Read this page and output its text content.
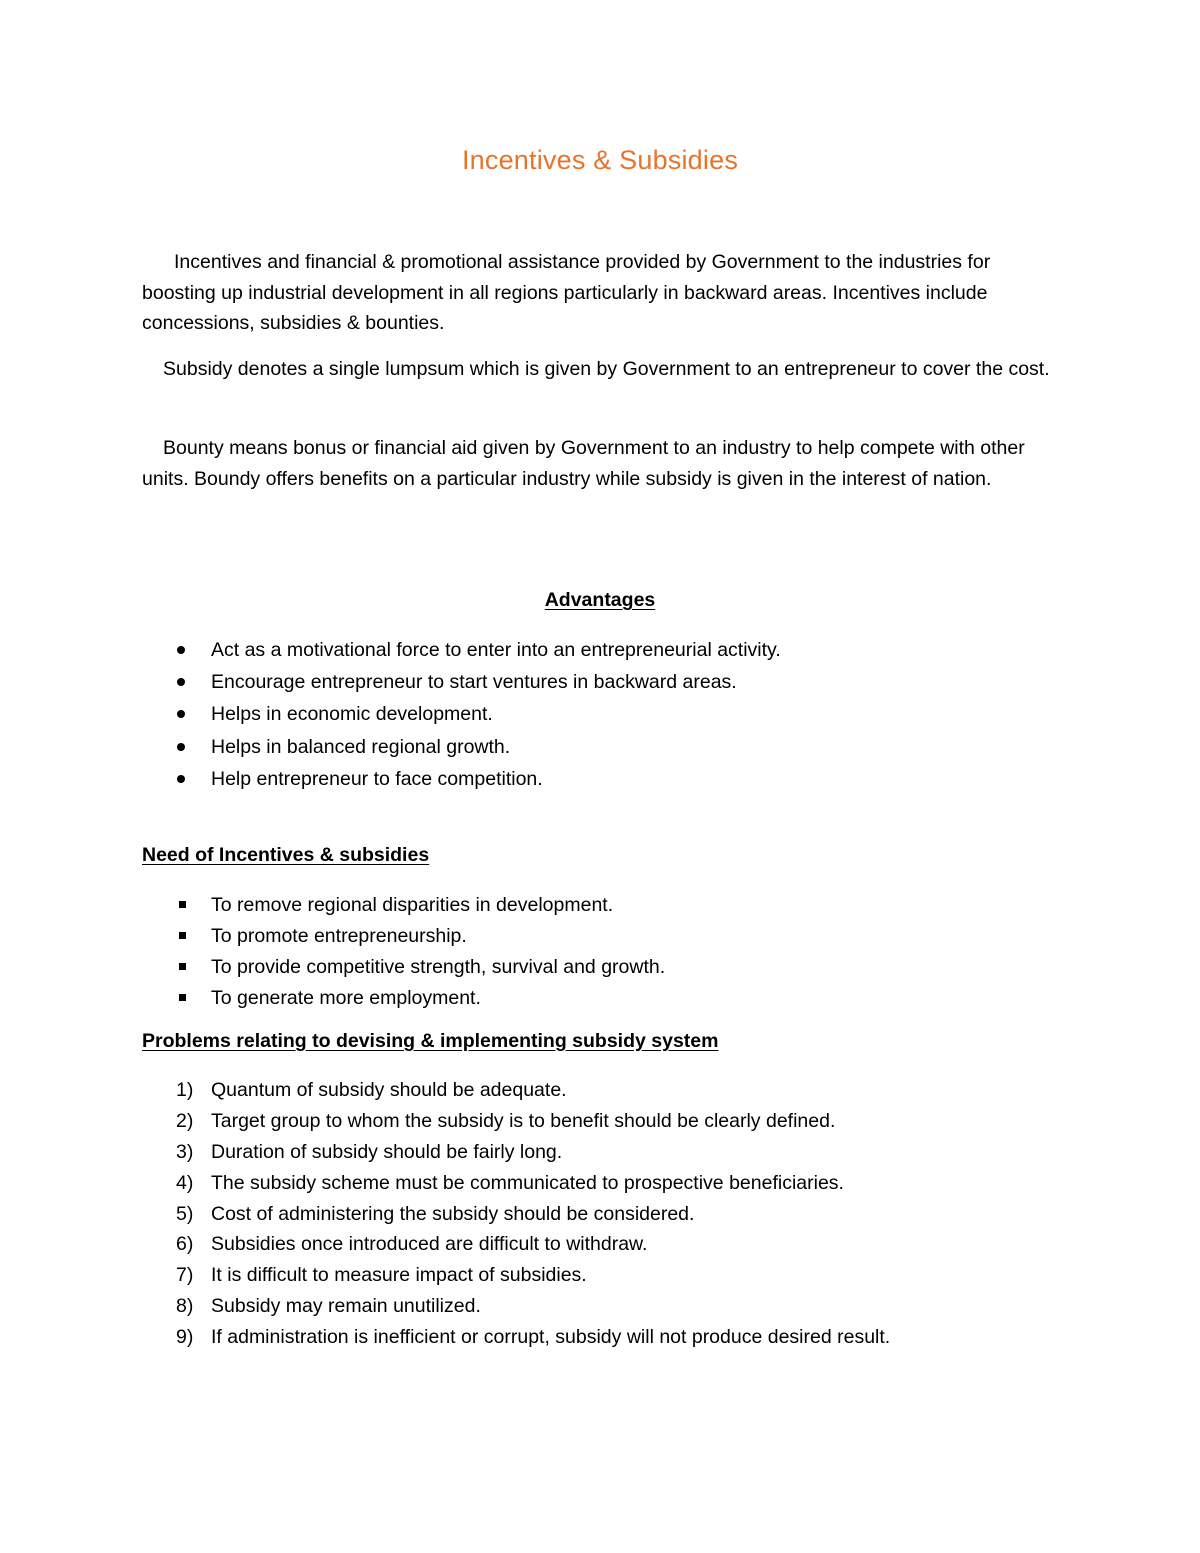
Incentives & Subsidies

Incentives and financial & promotional assistance provided by Government to the industries for boosting up industrial development in all regions particularly in backward areas. Incentives include concessions, subsidies & bounties.

Subsidy denotes a single lumpsum which is given by Government to an entrepreneur to cover the cost.

Bounty means bonus or financial aid given by Government to an industry to help compete with other units. Boundy offers benefits on a particular industry while subsidy is given in the interest of nation.

Advantages
Act as a motivational force to enter into an entrepreneurial activity.
Encourage entrepreneur to start ventures in backward areas.
Helps in economic development.
Helps in balanced regional growth.
Help entrepreneur to face competition.
Need of Incentives & subsidies
To remove regional disparities in development.
To promote entrepreneurship.
To provide competitive strength, survival and growth.
To generate more employment.
Problems relating to devising & implementing subsidy system
1) Quantum of subsidy should be adequate.
2) Target group to whom the subsidy is to benefit should be clearly defined.
3) Duration of subsidy should be fairly long.
4) The subsidy scheme must be communicated to prospective beneficiaries.
5) Cost of administering the subsidy should be considered.
6) Subsidies once introduced are difficult to withdraw.
7) It is difficult to measure impact of subsidies.
8) Subsidy may remain unutilized.
9) If administration is inefficient or corrupt, subsidy will not produce desired result.
